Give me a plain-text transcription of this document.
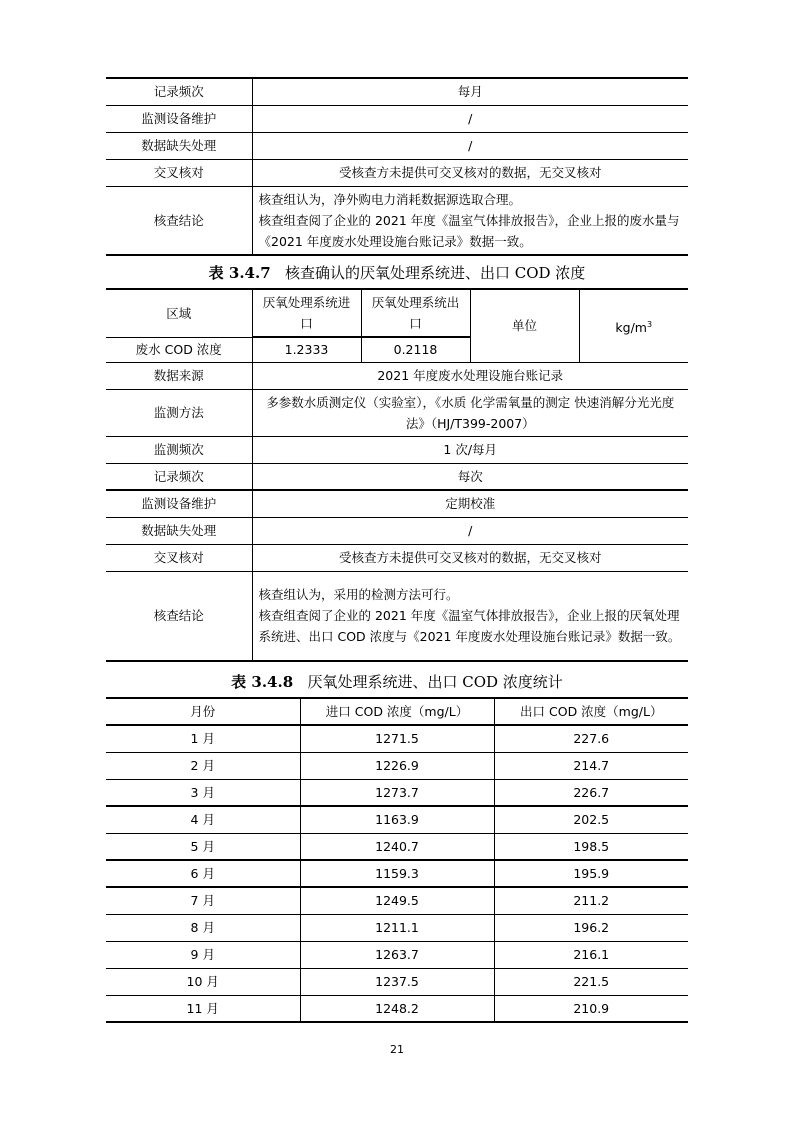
记录频次	每月
监测设备维护	/
数据缺失处理	/
交叉核对	受核查方未提供可交叉核对的数据，无交叉核对
核查结论	核查组认为，净外购电力消耗数据源选取合理。
核查组查阅了企业的 2021 年度《温室气体排放报告》，企业上报的废水量与《2021 年度废水处理设施台账记录》数据一致。
表 3.4.7 核查确认的厌氧处理系统进、出口 COD 浓度
区域	厌氧处理系统进口	厌氧处理系统出口	单位	$kg/m^3$
废水 COD 浓度	1.2333	0.2118		
数据来源	2021 年度废水处理设施台账记录			
监测方法	多参数水质测定仪（实验室），《水质 化学需氧量的测定 快速消解分光光度法》（HJ/T399-2007）			
监测频次	1 次/每月			
记录频次	每次			
监测设备维护	定期校准			
数据缺失处理	/			
交叉核对	受核查方未提供可交叉核对的数据，无交叉核对			
核查结论	核查组认为，采用的检测方法可行。
核查组查阅了企业的 2021 年度《温室气体排放报告》，企业上报的厌氧处理系统进、出口 COD 浓度与《2021 年度废水处理设施台账记录》数据一致。			
表 3.4.8 厌氧处理系统进、出口 COD 浓度统计
月份	进口 COD 浓度（mg/L）	出口 COD 浓度（mg/L）
1 月	1271.5	227.6
2 月	1226.9	214.7
3 月	1273.7	226.7
4 月	1163.9	202.5
5 月	1240.7	198.5
6 月	1159.3	195.9
7 月	1249.5	211.2
8 月	1211.1	196.2
9 月	1263.7	216.1
10 月	1237.5	221.5
11 月	1248.2	210.9
21
